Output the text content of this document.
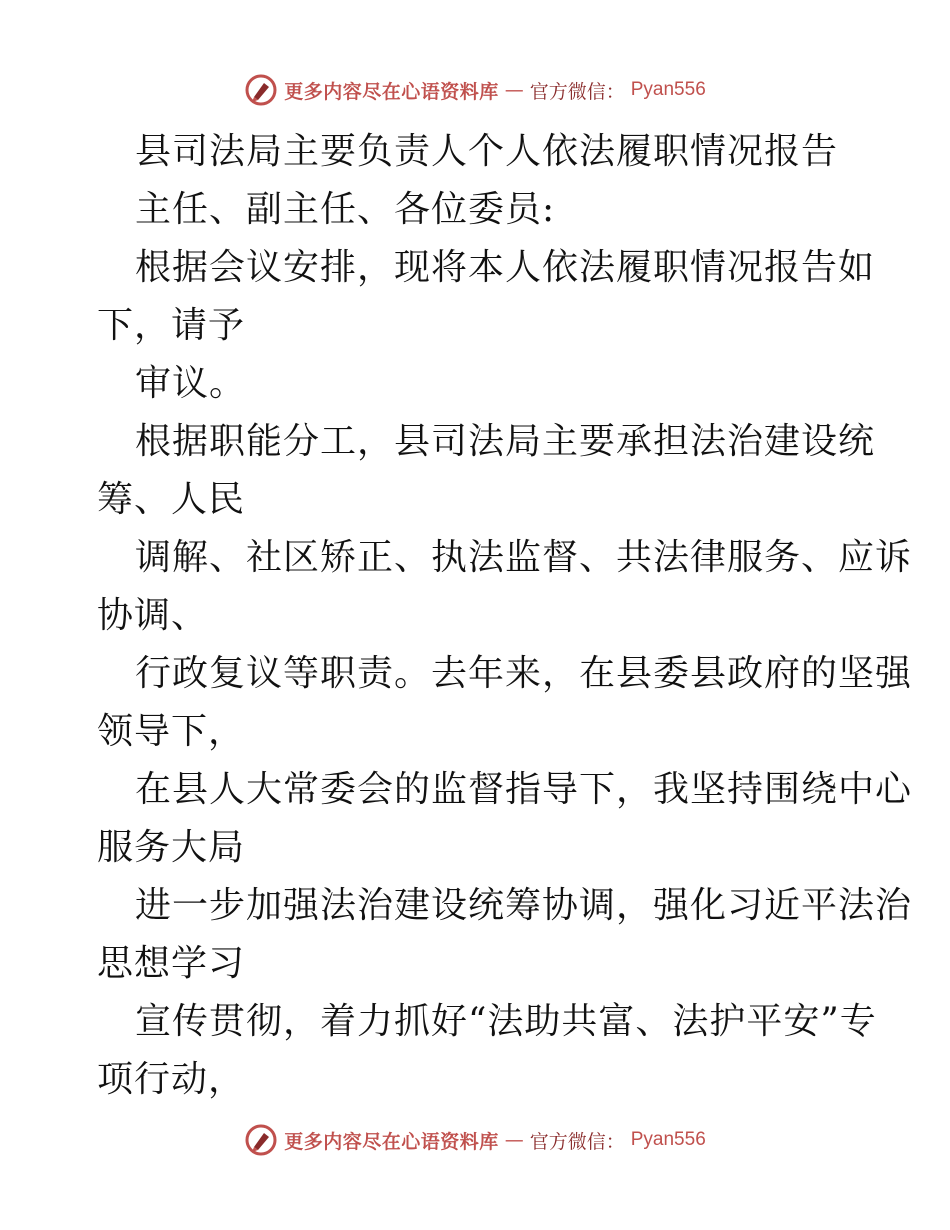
更多内容尽在心语资料库 — 官方微信： Pyan556
县司法局主要负责人个人依法履职情况报告
主任、副主任、各位委员:
根据会议安排，现将本人依法履职情况报告如
下，请予
审议。
根据职能分工，县司法局主要承担法治建设统
筹、人民
调解、社区矫正、执法监督、共法律服务、应诉
协调、
行政复议等职责。去年来，在县委县政府的坚强
领导下，
在县人大常委会的监督指导下，我坚持围绕中心
服务大局
进一步加强法治建设统筹协调，强化习近平法治
思想学习
宣传贯彻，着力抓好“法助共富、法护平安”专
项行动，
更多内容尽在心语资料库 — 官方微信： Pyan556
